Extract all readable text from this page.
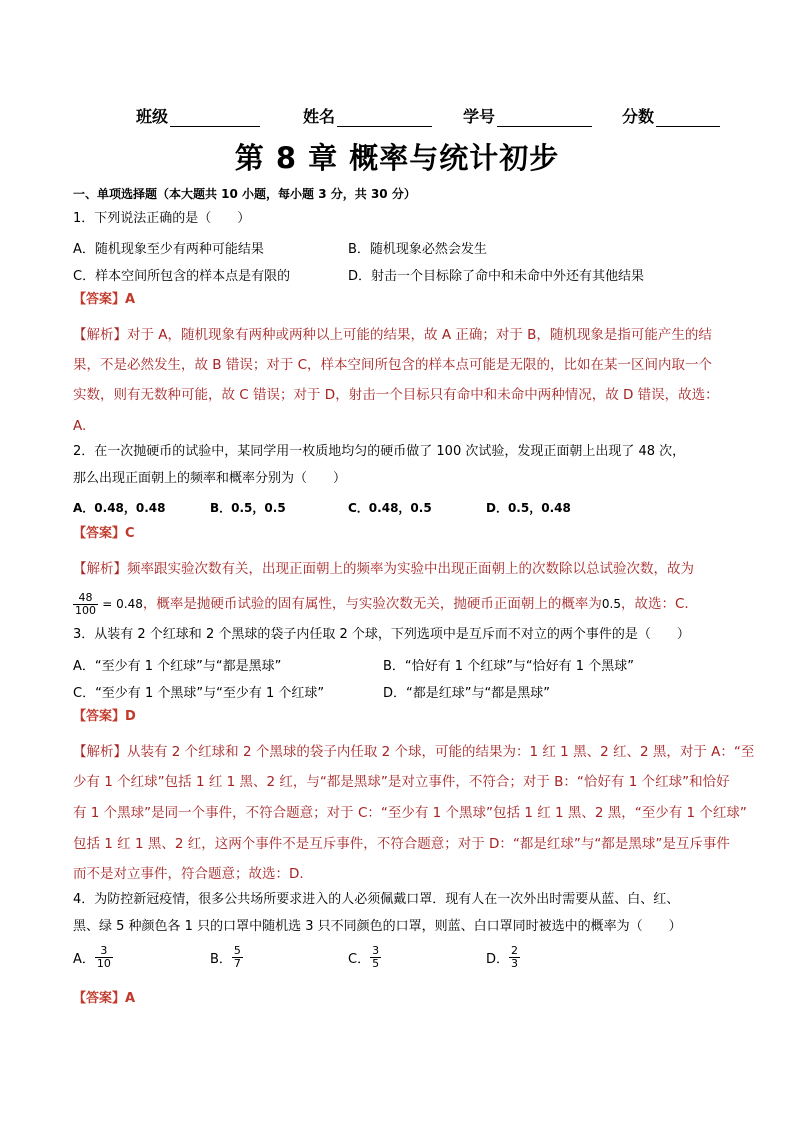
班级	姓名	学号	分数
第 8 章 概率与统计初步
一、单项选择题（本大题共 10 小题，每小题 3 分，共 30 分）
1．下列说法正确的是（　　）
A．随机现象至少有两种可能结果	B．随机现象必然会发生
C．样本空间所包含的样本点是有限的	D．射击一个目标除了命中和未命中外还有其他结果
【答案】A
【解析】对于 A，随机现象有两种或两种以上可能的结果，故 A 正确；对于 B，随机现象是指可能产生的结
果，不是必然发生，故 B 错误；对于 C，样本空间所包含的样本点可能是无限的，比如在某一区间内取一个
实数，则有无数种可能，故 C 错误；对于 D，射击一个目标只有命中和未命中两种情况，故 D 错误，故选：
A.
2．在一次抛硬币的试验中，某同学用一枚质地均匀的硬币做了 100 次试验，发现正面朝上出现了 48 次，
那么出现正面朝上的频率和概率分别为（　　）
A．0.48，0.48	B．0.5，0.5	C．0.48，0.5	D．0.5，0.48
【答案】C
【解析】频率跟实验次数有关，出现正面朝上的频率为实验中出现正面朝上的次数除以总试验次数，故为
$\frac{48}{100} = 0.48$，概率是抛硬币试验的固有属性，与实验次数无关，抛硬币正面朝上的概率为0.5，故选：C.
3．从装有 2 个红球和 2 个黑球的袋子内任取 2 个球，下列选项中是互斥而不对立的两个事件的是（　　）
A．“至少有 1 个红球”与“都是黑球”	B．“恰好有 1 个红球”与“恰好有 1 个黑球”
C．“至少有 1 个黑球”与“至少有 1 个红球”	D．“都是红球”与“都是黑球”
【答案】D
【解析】从装有 2 个红球和 2 个黑球的袋子内任取 2 个球，可能的结果为：1 红 1 黑、2 红、2 黑，对于 A：“至
少有 1 个红球”包括 1 红 1 黑、2 红，与“都是黑球”是对立事件，不符合；对于 B：“恰好有 1 个红球”和恰好
有 1 个黑球”是同一个事件，不符合题意；对于 C：“至少有 1 个黑球”包括 1 红 1 黑、2 黑，“至少有 1 个红球”
包括 1 红 1 黑、2 红，这两个事件不是互斥事件，不符合题意；对于 D：“都是红球”与“都是黑球”是互斥事件
而不是对立事件，符合题意；故选：D.
4．为防控新冠疫情，很多公共场所要求进入的人必须佩戴口罩．现有人在一次外出时需要从蓝、白、红、
黑、绿 5 种颜色各 1 只的口罩中随机选 3 只不同颜色的口罩，则蓝、白口罩同时被选中的概率为（　　）
A． $\frac{3}{10}$	B． $\frac{5}{7}$	C． $\frac{3}{5}$	D． $\frac{2}{3}$
【答案】A
